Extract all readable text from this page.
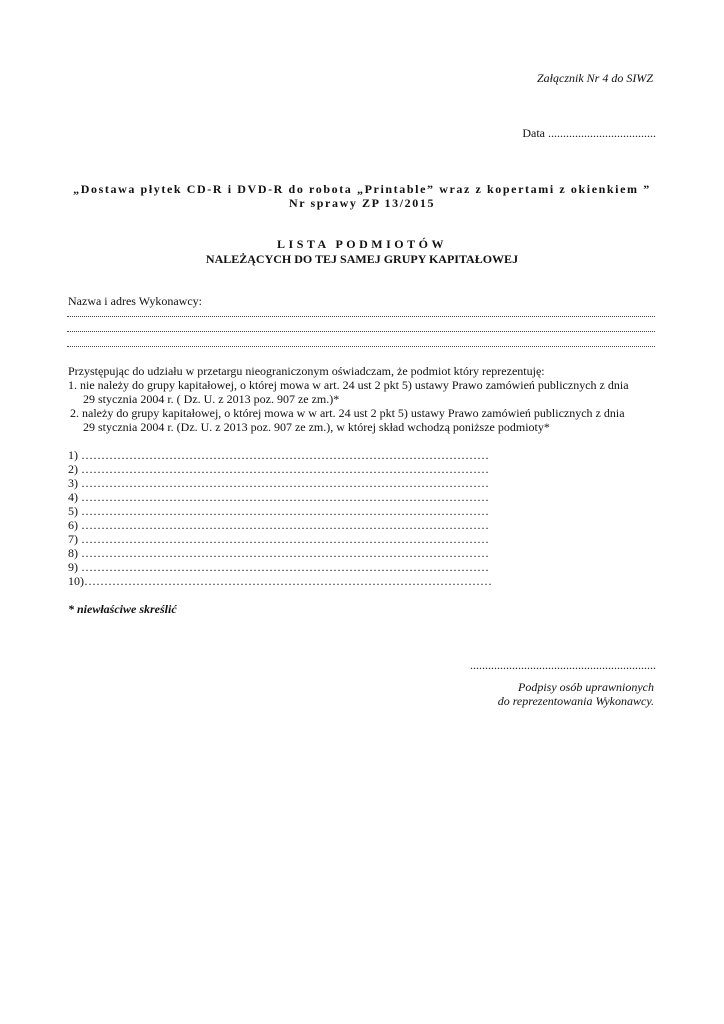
Załącznik Nr 4 do SIWZ
Data ....................................
„Dostawa płytek CD-R i DVD-R do robota „Printable” wraz z kopertami z okienkiem ”
Nr sprawy ZP 13/2015
LISTA PODMIOTÓW
NALEŻĄCYCH DO TEJ SAMEJ GRUPY KAPITAŁOWEJ
Nazwa i adres Wykonawcy:
Przystępując do udziału w przetargu nieograniczonym oświadczam, że podmiot który reprezentuję:
1. nie należy do grupy kapitałowej, o której mowa w art. 24 ust 2 pkt 5) ustawy Prawo zamówień publicznych z dnia
29 stycznia 2004 r. ( Dz. U. z 2013 poz. 907 ze zm.)*
2. należy do grupy kapitałowej, o której mowa w w art. 24 ust 2 pkt 5) ustawy Prawo zamówień publicznych z dnia
29 stycznia 2004 r. (Dz. U. z 2013 poz. 907 ze zm.), w której skład wchodzą poniższe podmioty*
1) …………………………………………………………………………………………
2) …………………………………………………………………………………………
3) …………………………………………………………………………………………
4) …………………………………………………………………………………………
5) …………………………………………………………………………………………
6) …………………………………………………………………………………………
7) …………………………………………………………………………………………
8) …………………………………………………………………………………………
9) …………………………………………………………………………………………
10)…………………………………………………………………………………………
* niewłaściwe skreślić
..............................................................
Podpisy osób uprawnionych
do reprezentowania Wykonawcy.
